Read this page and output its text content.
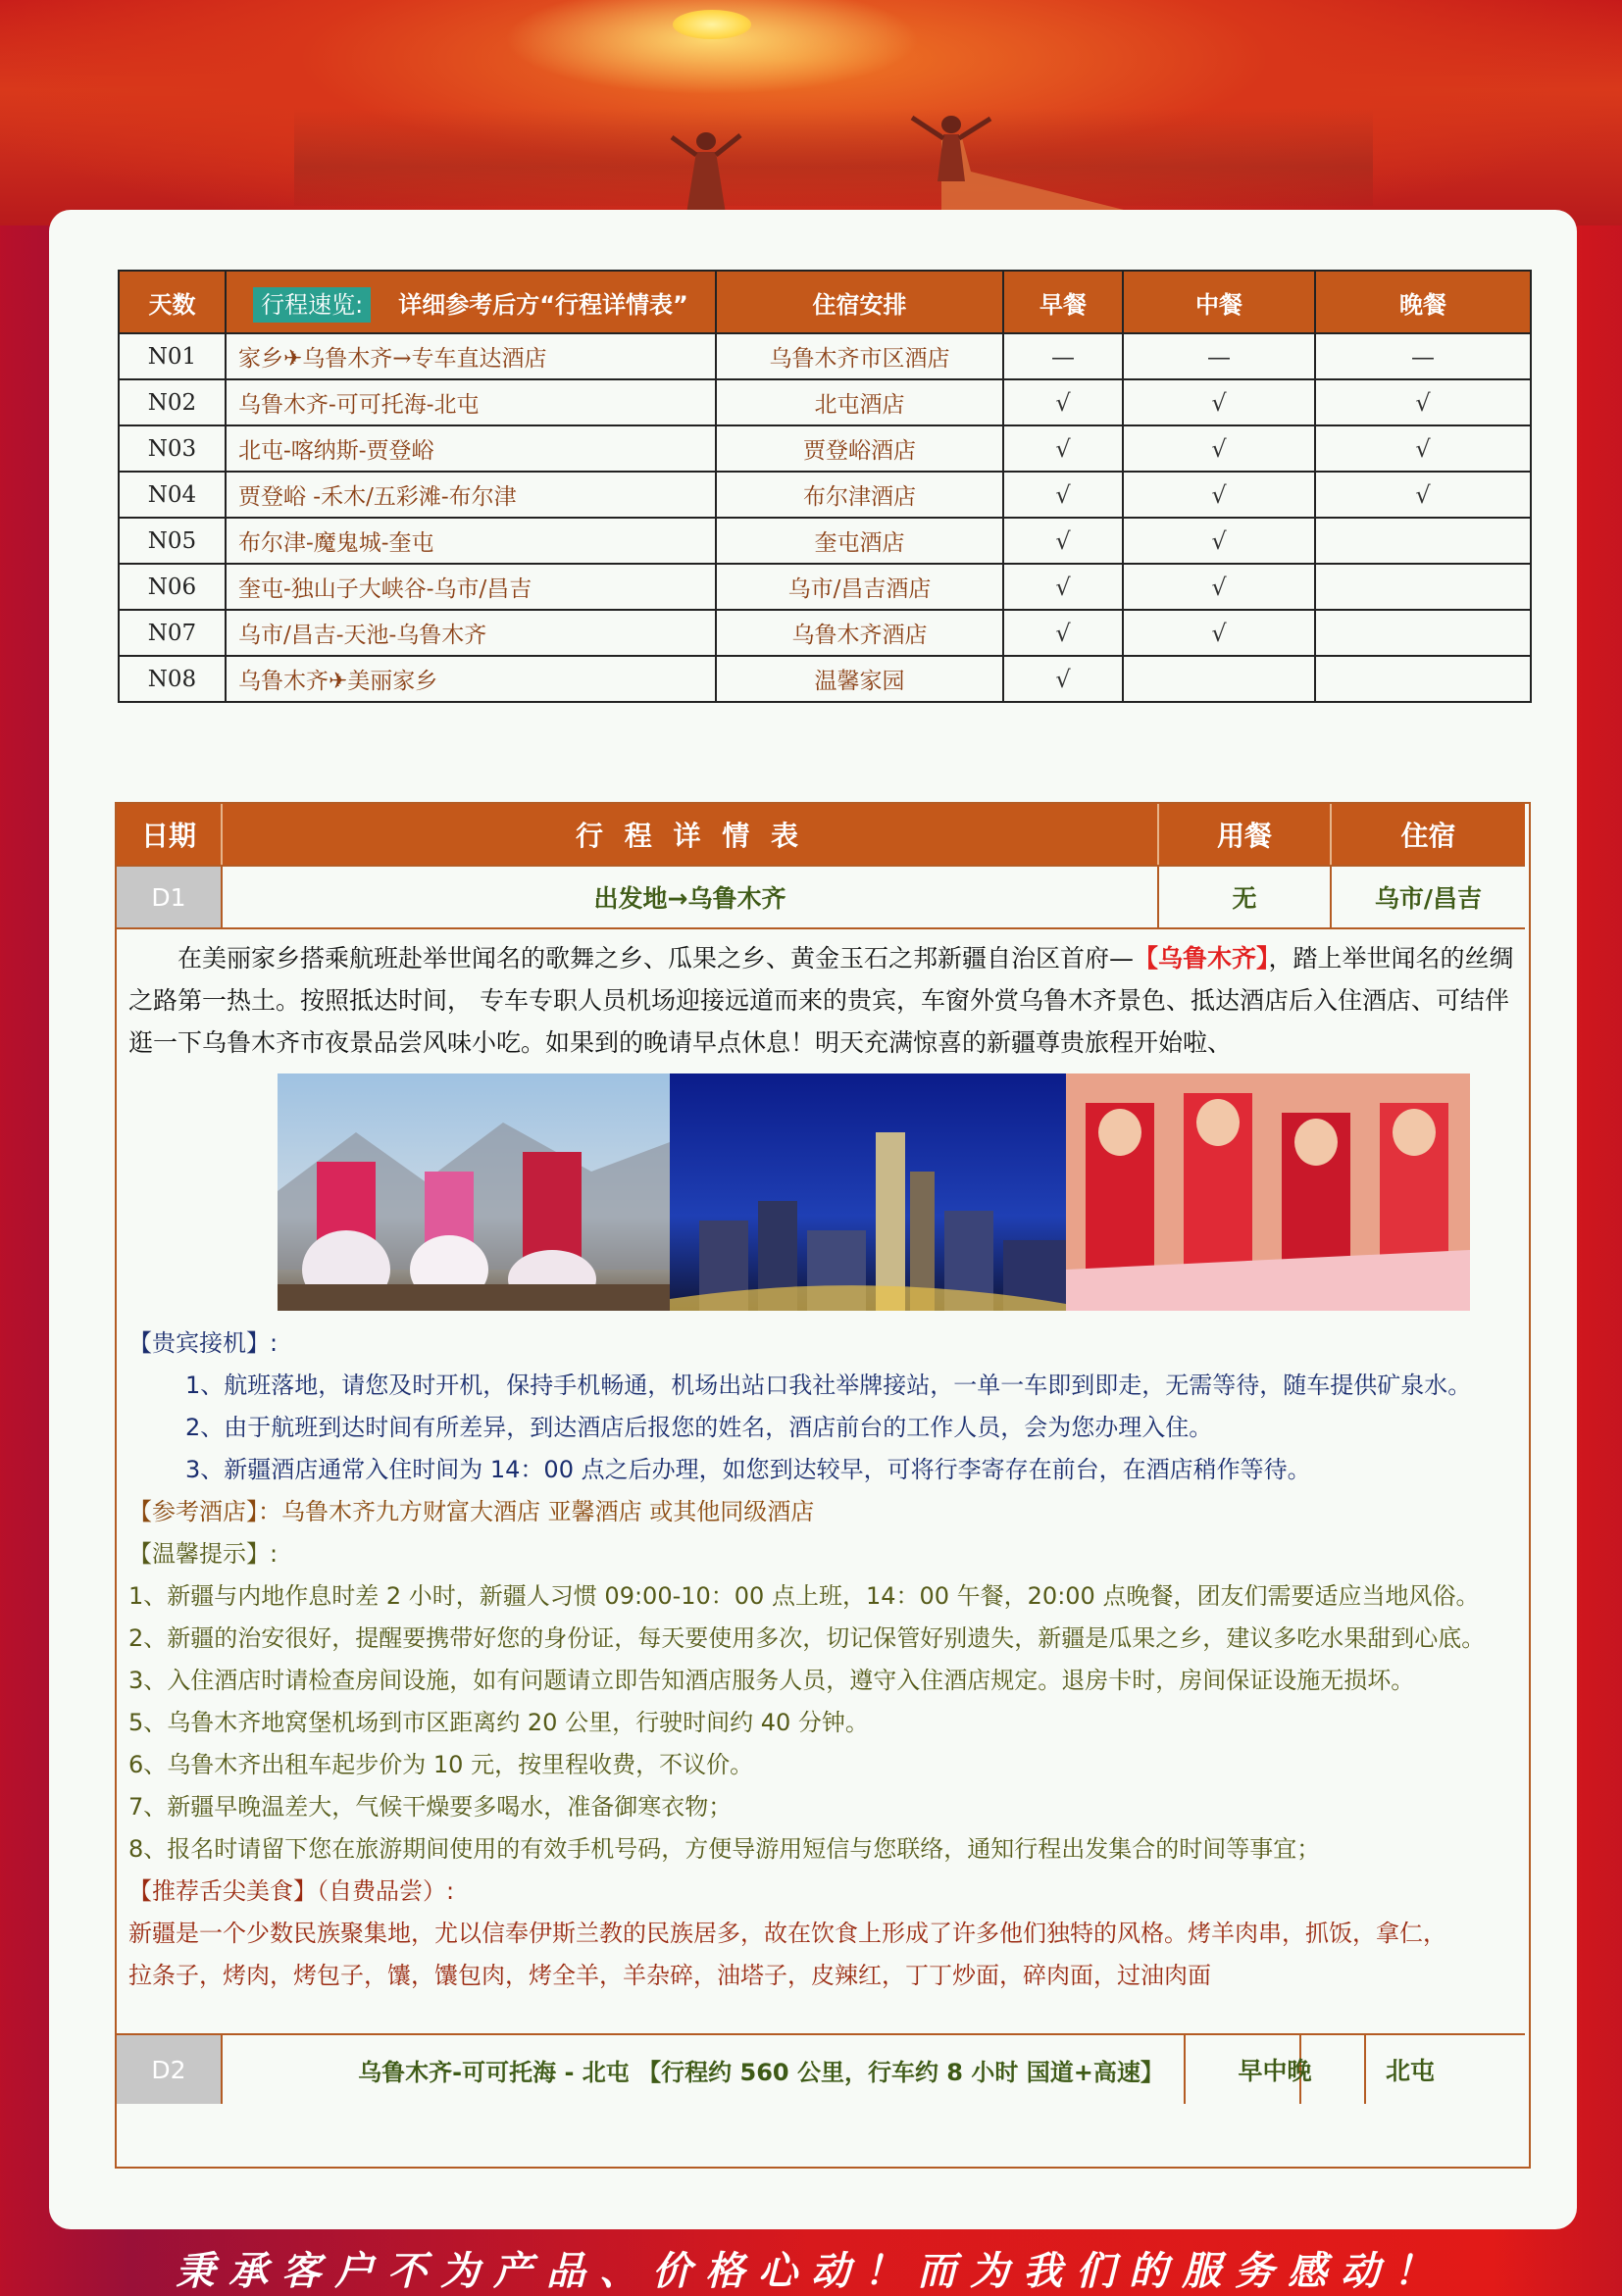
天数	行程速览: 详细参考后方“行程详情表”	住宿安排	早餐	中餐	晚餐
N01	家乡✈乌鲁木齐→专车直达酒店	乌鲁木齐市区酒店	—	—	—
N02	乌鲁木齐-可可托海-北屯	北屯酒店	√	√	√
N03	北屯-喀纳斯-贾登峪	贾登峪酒店	√	√	√
N04	贾登峪 -禾木/五彩滩-布尔津	布尔津酒店	√	√	√
N05	布尔津-魔鬼城-奎屯	奎屯酒店	√	√	
N06	奎屯-独山子大峡谷-乌市/昌吉	乌市/昌吉酒店	√	√	
N07	乌市/昌吉-天池-乌鲁木齐	乌鲁木齐酒店	√	√	
N08	乌鲁木齐✈美丽家乡	温馨家园	√		
日期	行 程 详 情 表	用餐	住宿
D1	出发地→乌鲁木齐	无	乌市/昌吉

在美丽家乡搭乘航班赴举世闻名的歌舞之乡、瓜果之乡、黄金玉石之邦新疆自治区首府—【乌鲁木齐】，踏上举世闻名的丝绸之路第一热土。按照抵达时间， 专车专职人员机场迎接远道而来的贵宾，车窗外赏乌鲁木齐景色、抵达酒店后入住酒店、可结伴逛一下乌鲁木齐市夜景品尝风味小吃。如果到的晚请早点休息！明天充满惊喜的新疆尊贵旅程开始啦、

【贵宾接机】:

1、航班落地，请您及时开机，保持手机畅通，机场出站口我社举牌接站，一单一车即到即走，无需等待，随车提供矿泉水。

2、由于航班到达时间有所差异，到达酒店后报您的姓名，酒店前台的工作人员，会为您办理入住。

3、新疆酒店通常入住时间为 14：00 点之后办理，如您到达较早，可将行李寄存在前台，在酒店稍作等待。

【参考酒店】：乌鲁木齐九方财富大酒店 亚馨酒店 或其他同级酒店

【温馨提示】:

1、新疆与内地作息时差 2 小时，新疆人习惯 09:00-10：00 点上班，14：00 午餐，20:00 点晚餐，团友们需要适应当地风俗。

2、新疆的治安很好，提醒要携带好您的身份证，每天要使用多次，切记保管好别遗失，新疆是瓜果之乡，建议多吃水果甜到心底。

3、入住酒店时请检查房间设施，如有问题请立即告知酒店服务人员，遵守入住酒店规定。退房卡时，房间保证设施无损坏。

5、乌鲁木齐地窝堡机场到市区距离约 20 公里，行驶时间约 40 分钟。

6、乌鲁木齐出租车起步价为 10 元，按里程收费，不议价。

7、新疆早晚温差大，气候干燥要多喝水，准备御寒衣物；

8、报名时请留下您在旅游期间使用的有效手机号码，方便导游用短信与您联络，通知行程出发集合的时间等事宜；

【推荐舌尖美食】（自费品尝）:

新疆是一个少数民族聚集地，尤以信奉伊斯兰教的民族居多，故在饮食上形成了许多他们独特的风格。烤羊肉串，抓饭，拿仁，

拉条子，烤肉，烤包子，馕，馕包肉，烤全羊，羊杂碎，油塔子，皮辣红，丁丁炒面，碎肉面，过油肉面

D2	乌鲁木齐-可可托海 - 北屯 【行程约 560 公里，行车约 8 小时 国道+高速】	早中晚	北屯
秉承客户不为产品、价格心动！而为我们的服务感动！
